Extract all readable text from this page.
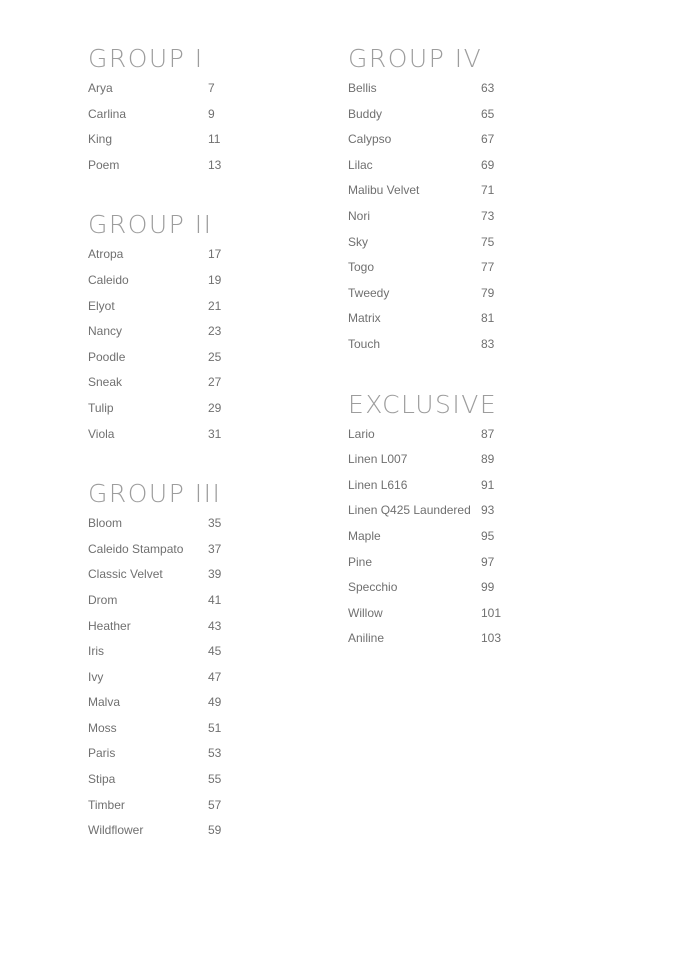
GROUP I
Arya	7
Carlina	9
King	11
Poem	13
GROUP II
Atropa	17
Caleido	19
Elyot	21
Nancy	23
Poodle	25
Sneak	27
Tulip	29
Viola	31
GROUP III
Bloom	35
Caleido Stampato	37
Classic Velvet	39
Drom	41
Heather	43
Iris	45
Ivy	47
Malva	49
Moss	51
Paris	53
Stipa	55
Timber	57
Wildflower	59
GROUP IV
Bellis	63
Buddy	65
Calypso	67
Lilac	69
Malibu Velvet	71
Nori	73
Sky	75
Togo	77
Tweedy	79
Matrix	81
Touch	83
EXCLUSIVE
Lario	87
Linen L007	89
Linen L616	91
Linen Q425 Laundered 93
Maple	95
Pine	97
Specchio	99
Willow	101
Aniline	103
